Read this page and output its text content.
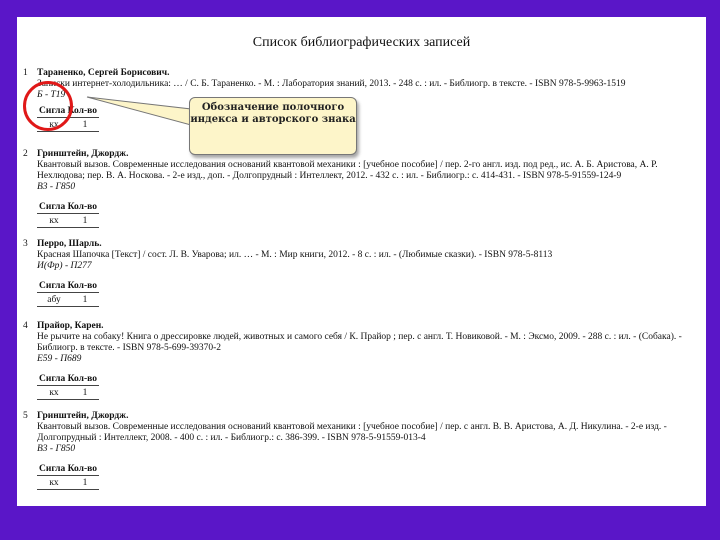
Список библиографических записей
1 Тараненко, Сергей Борисович.
Записки интернет-холодильника: … / С. Б. Тараненко. - М. : Лаборатория знаний, 2013. - 248 с. : ил. - Библиогр. в тексте. - ISBN 978-5-9963-1519
Б - Т19
Сигла Кол-во
кх	1
2 Гринштейн, Джордж.
Квантовый вызов. Современные исследования оснований квантовой механики : [учебное пособие] / пер. 2-го англ. изд. под ред., ис. А. Б. Аристова, А. Р. Нехлюдова; пер. В. А. Носкова. - 2-е изд., доп. - Долгопрудный : Интеллект, 2012. - 432 с. : ил. - Библиогр.: с. 414-431. - ISBN 978-5-91559-124-9
В3 - Г850
Сигла Кол-во
кх	1
3 Перро, Шарль.
Красная Шапочка [Текст] / сост. Л. В. Уварова; ил. … - М. : Мир книги, 2012. - 8 с. : ил. - (Любимые сказки). - ISBN 978-5-8113
И(Фр) - П277
Сигла Кол-во
абу	1
4 Прайор, Карен.
Не рычите на собаку! Книга о дрессировке людей, животных и самого себя / К. Прайор ; пер. с англ. Т. Новиковой. - М. : Эксмо, 2009. - 288 с. : ил. - (Собака). - Библиогр. в тексте. - ISBN 978-5-699-39370-2
Е59 - П689
Сигла Кол-во
кх	1
5 Гринштейн, Джордж.
Квантовый вызов. Современные исследования оснований квантовой механики : [учебное пособие] / пер. с англ. В. В. Аристова, А. Д. Никулина. - 2-е изд. - Долгопрудный : Интеллект, 2008. - 400 с. : ил. - Библиогр.: с. 386-399. - ISBN 978-5-91559-013-4
В3 - Г850
Сигла Кол-во
кх	1
Обозначение полочного индекса и авторского знака
